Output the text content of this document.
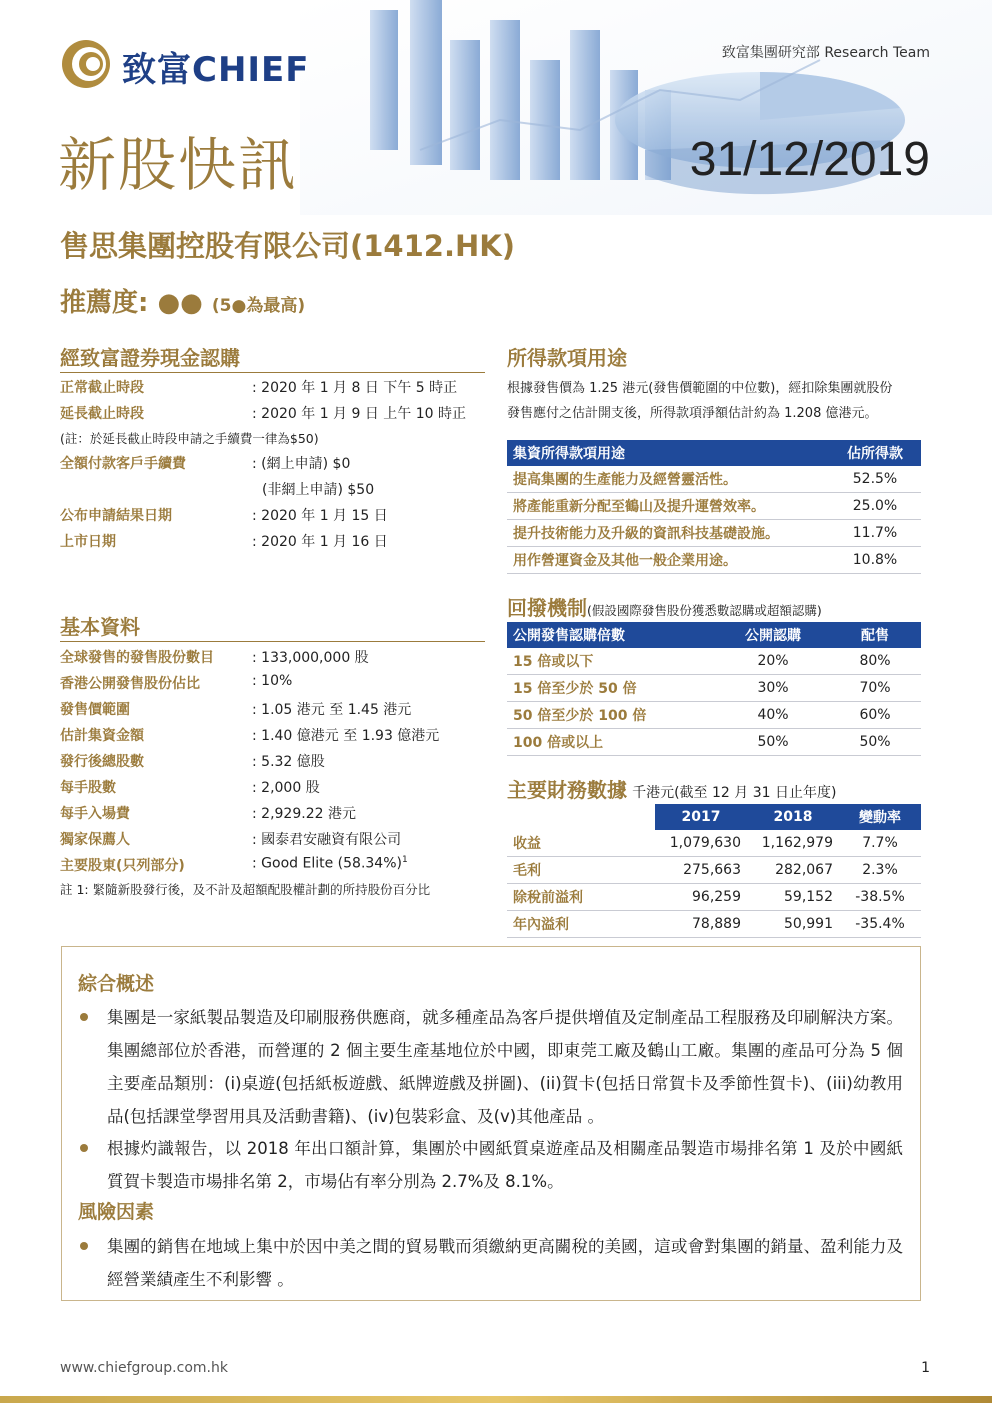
致富CHIEF	致富集團研究部 Research Team
新股快訊	31/12/2019
售思集團控股有限公司(1412.HK)
推薦度: ●● (5●為最高)
經致富證券現金認購
正常截止時段	: 2020 年 1 月 8 日 下午 5 時正
延長截止時段	: 2020 年 1 月 9 日 上午 10 時正
(註：於延長截止時段申請之手續費一律為$50)
全額付款客戶手續費	: (網上申請) $0
(非網上申請) $50
公布申請結果日期	: 2020 年 1 月 15 日
上市日期	: 2020 年 1 月 16 日
基本資料
全球發售的發售股份數目	: 133,000,000 股
香港公開發售股份佔比	: 10%
發售價範圍	: 1.05 港元 至 1.45 港元
估計集資金額	: 1.40 億港元 至 1.93 億港元
發行後總股數	: 5.32 億股
每手股數	: 2,000 股
每手入場費	: 2,929.22 港元
獨家保薦人	: 國泰君安融資有限公司
主要股東(只列部分)	: Good Elite $(58.34\%)^1$
註 1: 緊隨新股發行後，及不計及超額配股權計劃的所持股份百分比
所得款項用途
根據發售價為 1.25 港元(發售價範圍的中位數)，經扣除集團就股份
發售應付之估計開支後，所得款項淨額估計約為 1.208 億港元。
集資所得款項用途	佔所得款
提高集團的生產能力及經營靈活性。	52.5%
將產能重新分配至鶴山及提升運營效率。	25.0%
提升技術能力及升級的資訊科技基礎設施。	11.7%
用作營運資金及其他一般企業用途。	10.8%
回撥機制(假設國際發售股份獲悉數認購或超額認購)
公開發售認購倍數	公開認購	配售
15 倍或以下	20%	80%
15 倍至少於 50 倍	30%	70%
50 倍至少於 100 倍	40%	60%
100 倍或以上	50%	50%
主要財務數據 千港元(截至 12 月 31 日止年度)
	2017	2018	變動率
收益	1,079,630	1,162,979	7.7%
毛利	275,663	282,067	2.3%
除稅前溢利	96,259	59,152	-38.5%
年內溢利	78,889	50,991	-35.4%
綜合概述
集團是一家紙製品製造及印刷服務供應商，就多種產品為客戶提供增值及定制產品工程服務及印刷解決方案。集團總部位於香港，而營運的 2 個主要生產基地位於中國，即東莞工廠及鶴山工廠。集團的產品可分為 5 個主要產品類別：(i)桌遊(包括紙板遊戲、紙牌遊戲及拼圖)、(ii)賀卡(包括日常賀卡及季節性賀卡)、(iii)幼教用品(包括課堂學習用具及活動書籍)、(iv)包裝彩盒、及(v)其他產品 。
根據灼識報告，以 2018 年出口額計算，集團於中國紙質桌遊產品及相關產品製造市場排名第 1 及於中國紙質賀卡製造市場排名第 2，市場佔有率分別為 2.7%及 8.1%。
風險因素
集團的銷售在地域上集中於因中美之間的貿易戰而須繳納更高關稅的美國，這或會對集團的銷量、盈利能力及經營業績產生不利影響 。
www.chiefgroup.com.hk	1
